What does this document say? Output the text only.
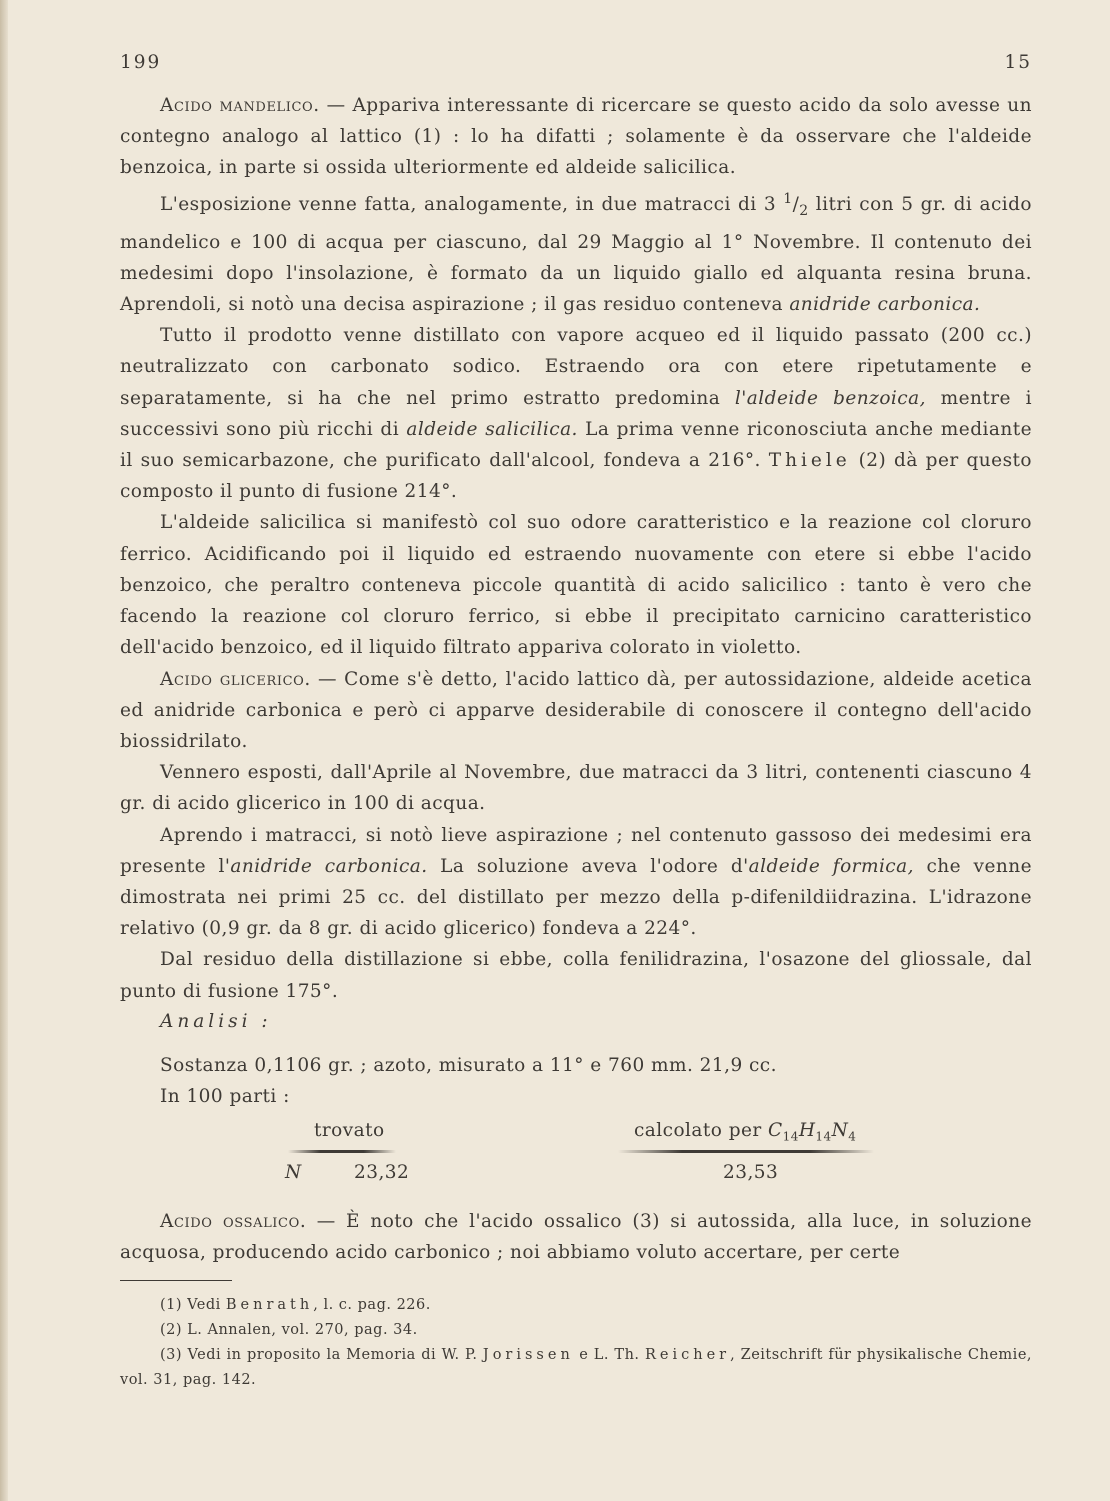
199	15

Acido mandelico. — Appariva interessante di ricercare se questo acido da solo avesse un contegno analogo al lattico (1) : lo ha difatti ; solamente è da osservare che l'aldeide benzoica, in parte si ossida ulteriormente ed aldeide salicilica.

L'esposizione venne fatta, analogamente, in due matracci di 3 $^1/_2$ litri con 5 gr. di acido mandelico e 100 di acqua per ciascuno, dal 29 Maggio al 1° Novembre. Il contenuto dei medesimi dopo l'insolazione, è formato da un liquido giallo ed alquanta resina bruna. Aprendoli, si notò una decisa aspirazione ; il gas residuo conteneva anidride carbonica.

Tutto il prodotto venne distillato con vapore acqueo ed il liquido passato (200 cc.) neutralizzato con carbonato sodico. Estraendo ora con etere ripetutamente e separatamente, si ha che nel primo estratto predomina l'aldeide benzoica, mentre i successivi sono più ricchi di aldeide salicilica. La prima venne riconosciuta anche mediante il suo semicarbazone, che purificato dall'alcool, fondeva a 216°. Thiele (2) dà per questo composto il punto di fusione 214°.

L'aldeide salicilica si manifestò col suo odore caratteristico e la reazione col cloruro ferrico. Acidificando poi il liquido ed estraendo nuovamente con etere si ebbe l'acido benzoico, che peraltro conteneva piccole quantità di acido salicilico : tanto è vero che facendo la reazione col cloruro ferrico, si ebbe il precipitato carnicino caratteristico dell'acido benzoico, ed il liquido filtrato appariva colorato in violetto.

Acido glicerico. — Come s'è detto, l'acido lattico dà, per autossidazione, aldeide acetica ed anidride carbonica e però ci apparve desiderabile di conoscere il contegno dell'acido biossidrilato.

Vennero esposti, dall'Aprile al Novembre, due matracci da 3 litri, contenenti ciascuno 4 gr. di acido glicerico in 100 di acqua.

Aprendo i matracci, si notò lieve aspirazione ; nel contenuto gassoso dei medesimi era presente l'anidride carbonica. La soluzione aveva l'odore d'aldeide formica, che venne dimostrata nei primi 25 cc. del distillato per mezzo della p-difenildiidrazina. L'idrazone relativo (0,9 gr. da 8 gr. di acido glicerico) fondeva a 224°.

Dal residuo della distillazione si ebbe, colla fenilidrazina, l'osazone del gliossale, dal punto di fusione 175°.

Analisi :
Sostanza 0,1106 gr. ; azoto, misurato a 11° e 760 mm. 21,9 cc.
In 100 parti :
trovato	calcolato per $C_{14}H_{14}N_4$
N	23,32	23,53

Acido ossalico. — È noto che l'acido ossalico (3) si autossida, alla luce, in soluzione acquosa, producendo acido carbonico ; noi abbiamo voluto accertare, per certe

(1) Vedi Benrath, l. c. pag. 226.

(2) L. Annalen, vol. 270, pag. 34.

(3) Vedi in proposito la Memoria di W. P. Jorissen e L. Th. Reicher, Zeitschrift für physikalische Chemie, vol. 31, pag. 142.
